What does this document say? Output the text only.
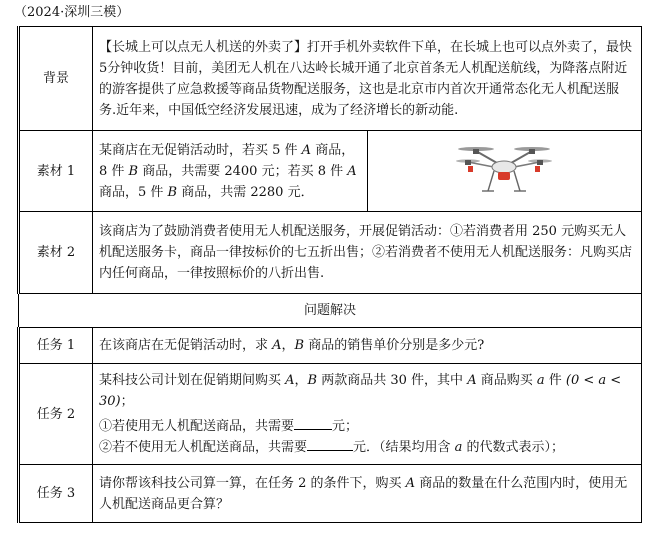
（2024·深圳三模）
背景	【长城上可以点无人机送的外卖了】打开手机外卖软件下单，在长城上也可以点外卖了，最快5分钟收货！目前，美团无人机在八达岭长城开通了北京首条无人机配送航线，为降落点附近的游客提供了应急救援等商品货物配送服务，这也是北京市内首次开通常态化无人机配送服务.近年来，中国低空经济发展迅速，成为了经济增长的新动能.	

素材 1	某商店在无促销活动时，若买 5 件 A 商品，8 件 B 商品，共需要 2400 元；若买 8 件 A 商品，5 件 B 商品，共需 2280 元．

素材 2	该商店为了鼓励消费者使用无人机配送服务，开展促销活动：①若消费者用 250 元购买无人机配送服务卡，商品一律按标价的七五折出售；②若消费者不使用无人机配送服务：凡购买店内任何商品，一律按照标价的八折出售.	

问题解决		
任务 1	在该商店在无促销活动时，求 A，B 商品的销售单价分别是多少元?	

任务 2	某科技公司计划在促销期间购买 A，B 两款商品共 30 件，其中 A 商品购买 a 件 (0 < a < 30)；

①若使用无人机配送商品，共需要 元；

②若不使用无人机配送商品，共需要 元．（结果均用含 a 的代数式表示）；	

任务 3	请你帮该科技公司算一算，在任务 2 的条件下，购买 A 商品的数量在什么范围内时，使用无人机配送商品更合算？	
